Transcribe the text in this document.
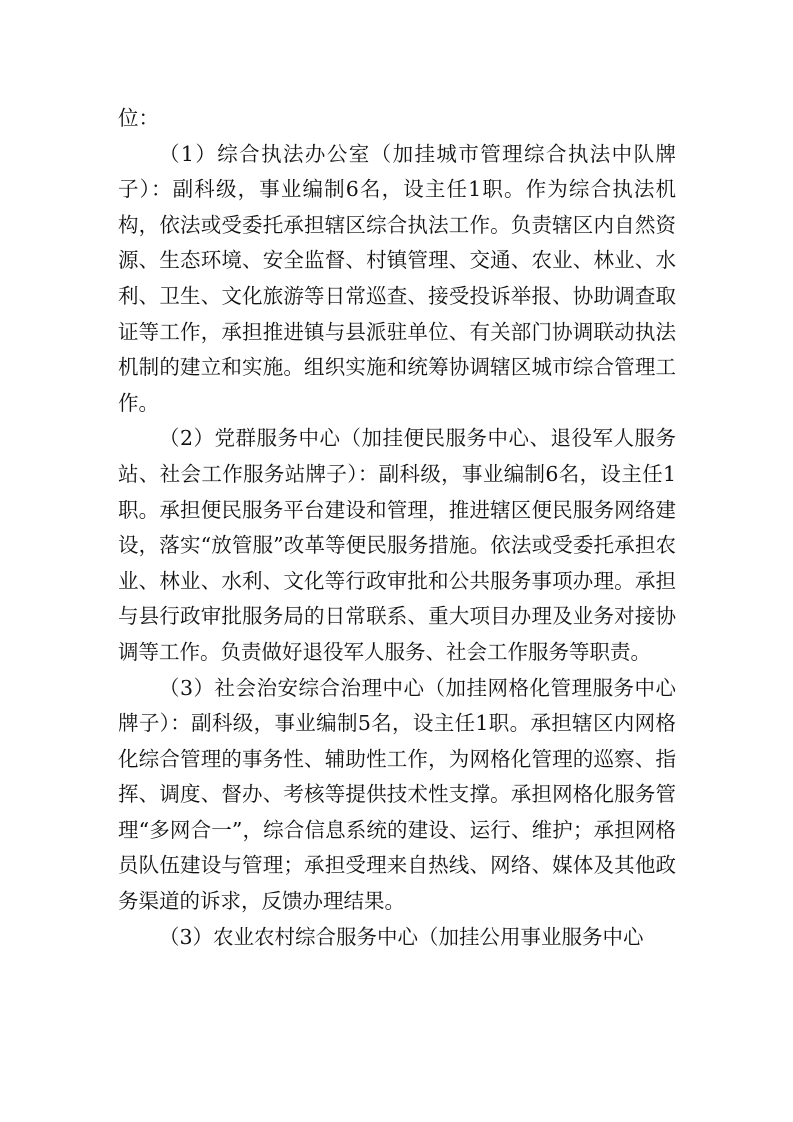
位：

（1）综合执法办公室（加挂城市管理综合执法中队牌子）：副科级，事业编制6名，设主任1职。作为综合执法机构，依法或受委托承担辖区综合执法工作。负责辖区内自然资源、生态环境、安全监督、村镇管理、交通、农业、林业、水利、卫生、文化旅游等日常巡查、接受投诉举报、协助调查取证等工作，承担推进镇与县派驻单位、有关部门协调联动执法机制的建立和实施。组织实施和统筹协调辖区城市综合管理工作。

（2）党群服务中心（加挂便民服务中心、退役军人服务站、社会工作服务站牌子）：副科级，事业编制6名，设主任1职。承担便民服务平台建设和管理，推进辖区便民服务网络建设，落实“放管服”改革等便民服务措施。依法或受委托承担农业、林业、水利、文化等行政审批和公共服务事项办理。承担与县行政审批服务局的日常联系、重大项目办理及业务对接协调等工作。负责做好退役军人服务、社会工作服务等职责。

（3）社会治安综合治理中心（加挂网格化管理服务中心牌子）：副科级，事业编制5名，设主任1职。承担辖区内网格化综合管理的事务性、辅助性工作，为网格化管理的巡察、指挥、调度、督办、考核等提供技术性支撑。承担网格化服务管理“多网合一”，综合信息系统的建设、运行、维护；承担网格员队伍建设与管理；承担受理来自热线、网络、媒体及其他政务渠道的诉求，反馈办理结果。

（3）农业农村综合服务中心（加挂公用事业服务中心
